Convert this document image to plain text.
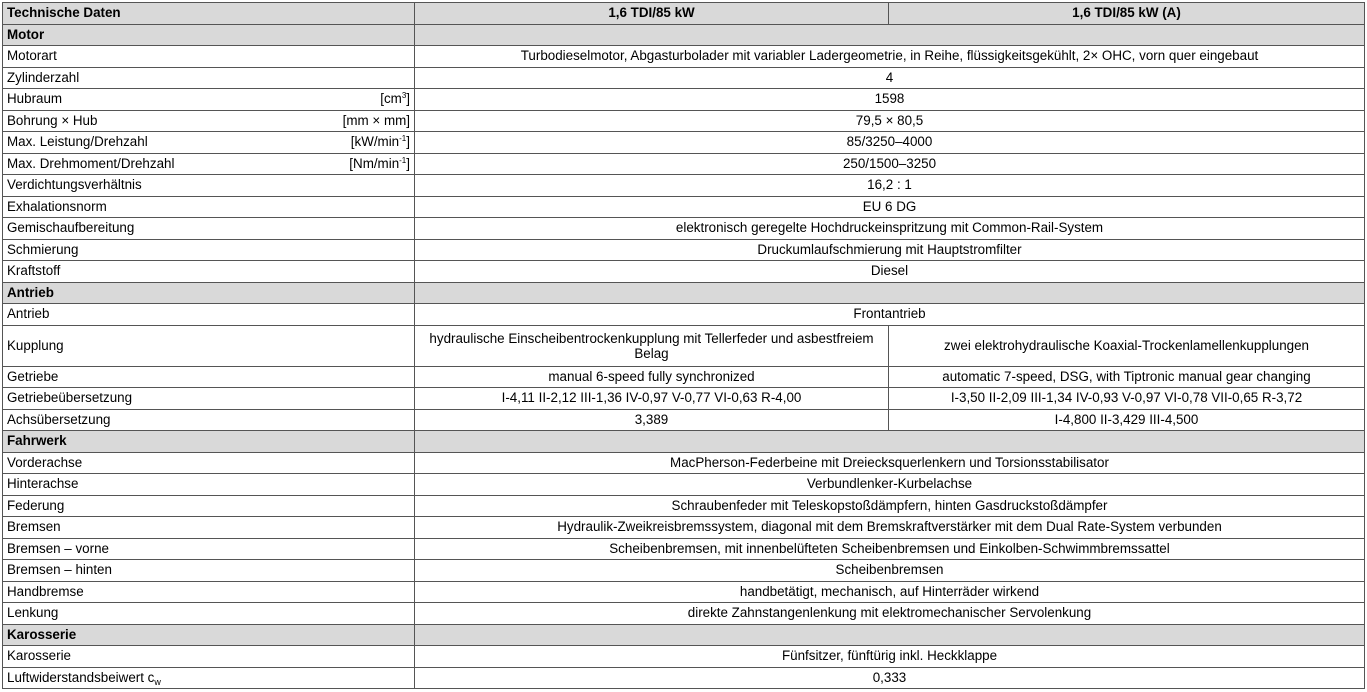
Technische Daten	1,6 TDI/85 kW	1,6 TDI/85 kW (A)
Motor		
Motorart	Turbodieselmotor, Abgasturbolader mit variabler Ladergeometrie, in Reihe, flüssigkeitsgekühlt, 2× OHC, vorn quer eingebaut	
Zylinderzahl	4	
Hubraum $[cm^3]$	1598	
Bohrung × Hub [mm × mm]	79,5 × 80,5	
Max. Leistung/Drehzahl $[kW/\min^{-1}]$	85/3250–4000	
Max. Drehmoment/Drehzahl $[Nm/\min^{-1}]$	250/1500–3250	
Verdichtungsverhältnis	16,2 : 1	
Exhalationsnorm	EU 6 DG	
Gemischaufbereitung	elektronisch geregelte Hochdruckeinspritzung mit Common-Rail-System	
Schmierung	Druckumlaufschmierung mit Hauptstromfilter	
Kraftstoff	Diesel	
Antrieb		
Antrieb	Frontantrieb	
Kupplung	hydraulische Einscheibentrockenkupplung mit Tellerfeder und asbestfreiem Belag	zwei elektrohydraulische Koaxial-Trockenlamellenkupplungen
Getriebe	manual 6-speed fully synchronized	automatic 7-speed, DSG, with Tiptronic manual gear changing
Getriebeübersetzung	I-4,11 II-2,12 III-1,36 IV-0,97 V-0,77 VI-0,63 R-4,00	I-3,50 II-2,09 III-1,34 IV-0,93 V-0,97 VI-0,78 VII-0,65 R-3,72
Achsübersetzung	3,389	I-4,800 II-3,429 III-4,500
Fahrwerk		
Vorderachse	MacPherson-Federbeine mit Dreiecksquerlenkern und Torsionsstabilisator	
Hinterachse	Verbundlenker-Kurbelachse	
Federung	Schraubenfeder mit Teleskopstoßdämpfern, hinten Gasdruckstoßdämpfer	
Bremsen	Hydraulik-Zweikreisbremssystem, diagonal mit dem Bremskraftverstärker mit dem Dual Rate-System verbunden	
Bremsen – vorne	Scheibenbremsen, mit innenbelüfteten Scheibenbremsen und Einkolben-Schwimmbremssattel	
Bremsen – hinten	Scheibenbremsen	
Handbremse	handbetätigt, mechanisch, auf Hinterräder wirkend	
Lenkung	direkte Zahnstangenlenkung mit elektromechanischer Servolenkung	
Karosserie		
Karosserie	Fünfsitzer, fünftürig inkl. Heckklappe	
Luftwiderstandsbeiwert $c_w$	0,333	
